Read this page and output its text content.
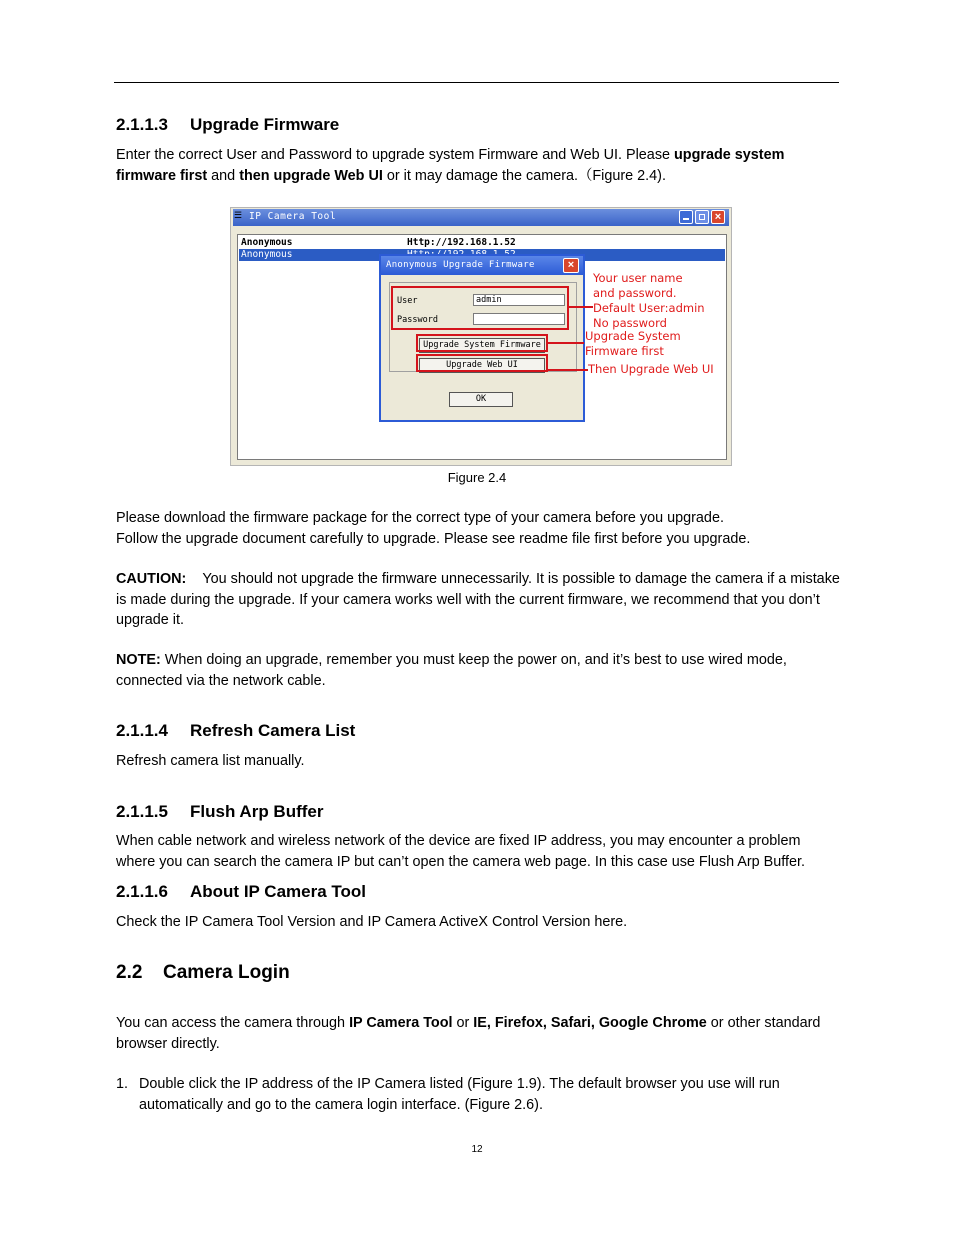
2.1.1.3 Upgrade Firmware
Enter the correct User and Password to upgrade system Firmware and Web UI. Please upgrade system firmware first and then upgrade Web UI or it may damage the camera.（Figure 2.4).
☰ IP Camera Tool	×
Anonymous	Http://192.168.1.52
Anonymous
Anonymous Upgrade Firmware	×
User	admin
Password
Upgrade System Firmware
Upgrade Web UI
OK
Your user name
and password.
Default User:admin
No password
Upgrade System
Firmware first
Then Upgrade Web UI
Figure 2.4
Please download the firmware package for the correct type of your camera before you upgrade.
Follow the upgrade document carefully to upgrade. Please see readme file first before you upgrade.
CAUTION: You should not upgrade the firmware unnecessarily. It is possible to damage the camera if a mistake is made during the upgrade. If your camera works well with the current firmware, we recommend that you don’t upgrade it.
NOTE: When doing an upgrade, remember you must keep the power on, and it’s best to use wired mode, connected via the network cable.
2.1.1.4 Refresh Camera List
Refresh camera list manually.
2.1.1.5 Flush Arp Buffer
When cable network and wireless network of the device are fixed IP address, you may encounter a problem where you can search the camera IP but can’t open the camera web page. In this case use Flush Arp Buffer.
2.1.1.6 About IP Camera Tool
Check the IP Camera Tool Version and IP Camera ActiveX Control Version here.
2.2 Camera Login
You can access the camera through IP Camera Tool or IE, Firefox, Safari, Google Chrome or other standard browser directly.
1. Double click the IP address of the IP Camera listed (Figure 1.9). The default browser you use will run automatically and go to the camera login interface. (Figure 2.6).
12
